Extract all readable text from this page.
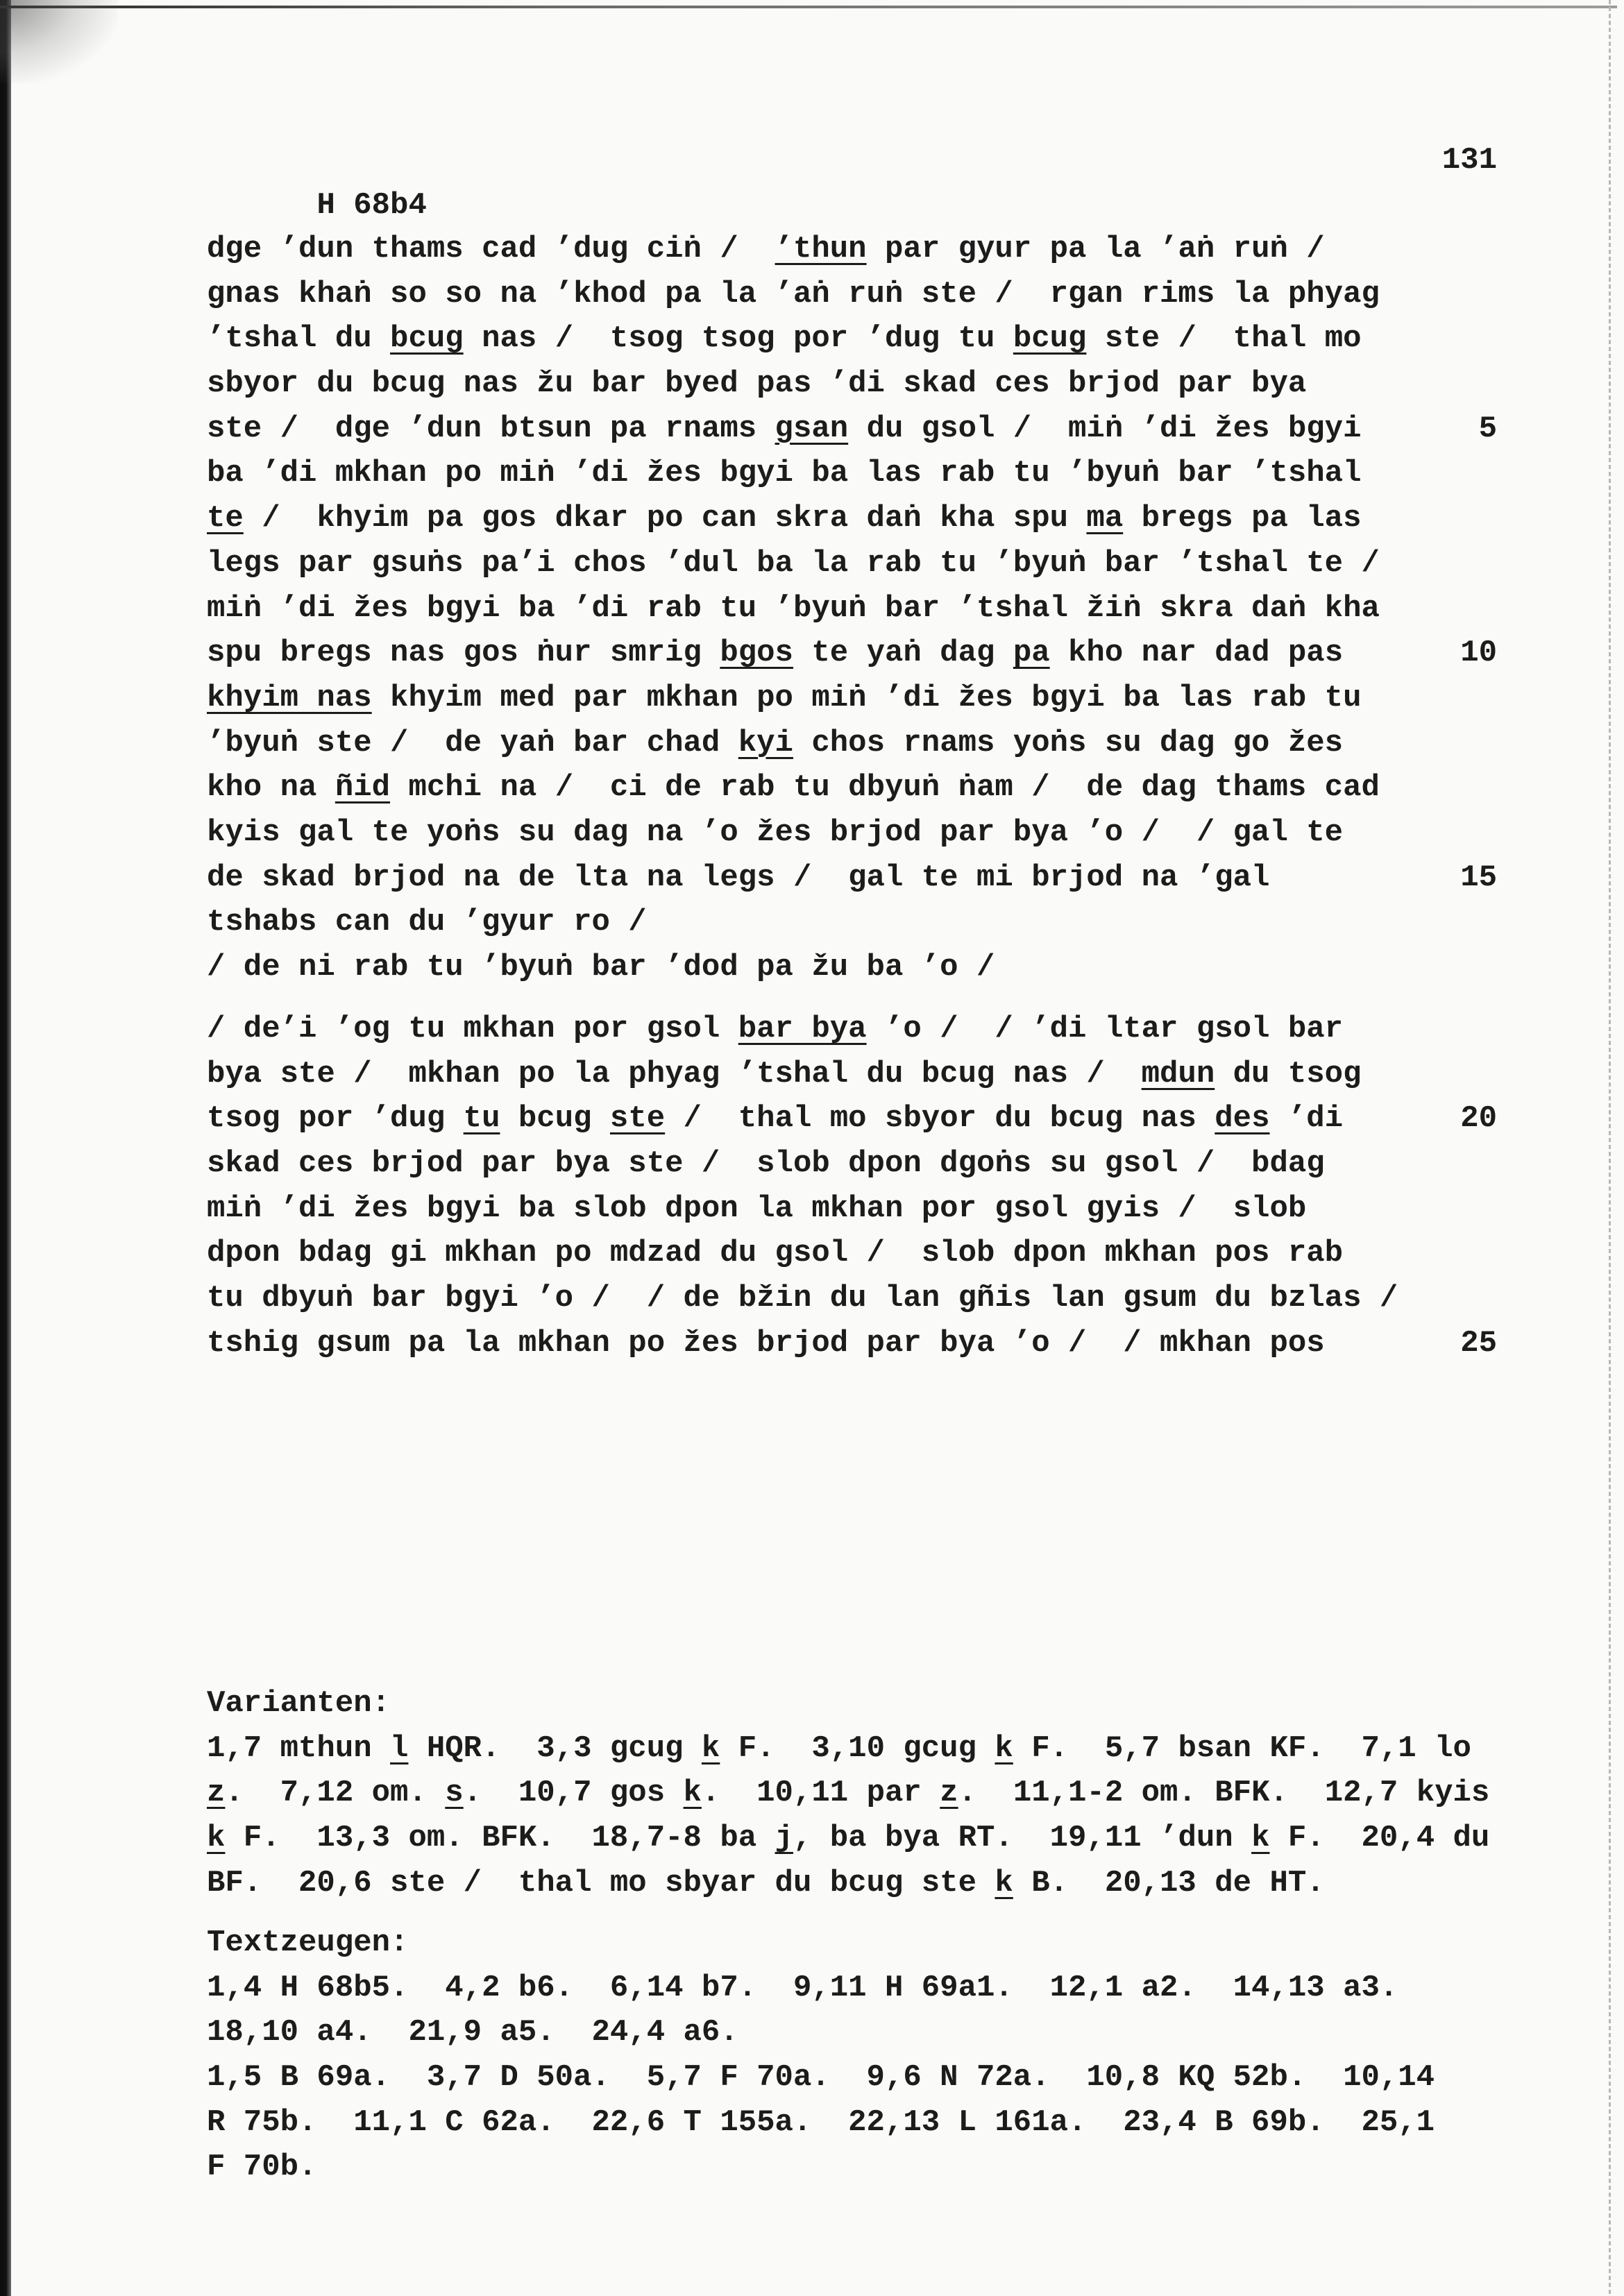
H 68b4

131

dge ’dun thams cad ’dug ciṅ /  ’thun par gyur pa la ’aṅ ruṅ /
gnas khaṅ so so na ’khod pa la ’aṅ ruṅ ste /  rgan rims la phyag
’tshal du bcug nas /  tsog tsog por ’dug tu bcug ste /  thal mo
sbyor du bcug nas žu bar byed pas ’di skad ces brjod par bya
ste /  dge ’dun btsun pa rnams gsan du gsol /  miṅ ’di žes bgyi	5
ba ’di mkhan po miṅ ’di žes bgyi ba las rab tu ’byuṅ bar ’tshal
te /  khyim pa gos dkar po can skra daṅ kha spu ma bregs pa las
legs par gsuṅs pa’i chos ’dul ba la rab tu ’byuṅ bar ’tshal te /
miṅ ’di žes bgyi ba ’di rab tu ’byuṅ bar ’tshal žiṅ skra daṅ kha
spu bregs nas gos ṅur smrig bgos te yaṅ dag pa kho nar dad pas	10
khyim nas khyim med par mkhan po miṅ ’di žes bgyi ba las rab tu
’byuṅ ste /  de yaṅ bar chad kyi chos rnams yoṅs su dag go žes
kho na ñid mchi na /  ci de rab tu dbyuṅ ṅam /  de dag thams cad
kyis gal te yoṅs su dag na ’o žes brjod par bya ’o /  / gal te
de skad brjod na de lta na legs /  gal te mi brjod na ’gal	15
tshabs can du ’gyur ro /
/ de ni rab tu ’byuṅ bar ’dod pa žu ba ’o /
/ de’i ’og tu mkhan por gsol bar bya ’o /  / ’di ltar gsol bar
bya ste /  mkhan po la phyag ’tshal du bcug nas /  mdun du tsog
tsog por ’dug tu bcug ste /  thal mo sbyor du bcug nas des ’di	20
skad ces brjod par bya ste /  slob dpon dgoṅs su gsol /  bdag
miṅ ’di žes bgyi ba slob dpon la mkhan por gsol gyis /  slob
dpon bdag gi mkhan po mdzad du gsol /  slob dpon mkhan pos rab
tu dbyuṅ bar bgyi ’o /  / de bžin du lan gñis lan gsum du bzlas /
tshig gsum pa la mkhan po žes brjod par bya ’o /  / mkhan pos	25
Varianten:
1,7 mthun l HQR.  3,3 gcug k F.  3,10 gcug k F.  5,7 bsan KF.  7,1 lo
z.  7,12 om. s.  10,7 gos k.  10,11 par z.  11,1-2 om. BFK.  12,7 kyis
k F.  13,3 om. BFK.  18,7-8 ba j, ba bya RT.  19,11 ’dun k F.  20,4 du
BF.  20,6 ste /  thal mo sbyar du bcug ste k B.  20,13 de HT.
Textzeugen:
1,4 H 68b5.  4,2 b6.  6,14 b7.  9,11 H 69a1.  12,1 a2.  14,13 a3.
18,10 a4.  21,9 a5.  24,4 a6.
1,5 B 69a.  3,7 D 50a.  5,7 F 70a.  9,6 N 72a.  10,8 KQ 52b.  10,14
R 75b.  11,1 C 62a.  22,6 T 155a.  22,13 L 161a.  23,4 B 69b.  25,1
F 70b.
